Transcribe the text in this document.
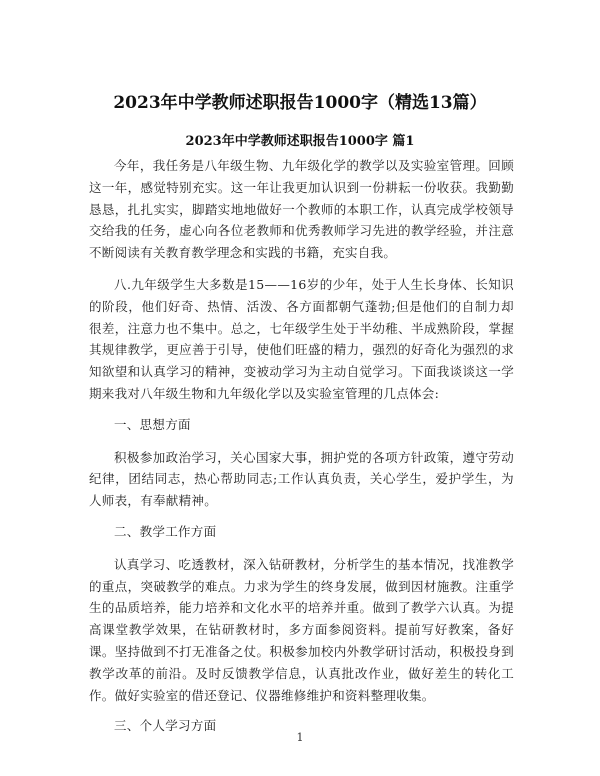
2023年中学教师述职报告1000字（精选13篇）
2023年中学教师述职报告1000字 篇1

今年，我任务是八年级生物、九年级化学的教学以及实验室管理。回顾这一年，感觉特别充实。这一年让我更加认识到一份耕耘一份收获。我勤勤恳恳，扎扎实实，脚踏实地地做好一个教师的本职工作，认真完成学校领导交给我的任务，虚心向各位老教师和优秀教师学习先进的教学经验，并注意不断阅读有关教育教学理念和实践的书籍，充实自我。

八.九年级学生大多数是15——16岁的少年，处于人生长身体、长知识的阶段，他们好奇、热情、活泼、各方面都朝气蓬勃;但是他们的自制力却很差，注意力也不集中。总之，七年级学生处于半幼稚、半成熟阶段，掌握其规律教学，更应善于引导，使他们旺盛的精力，强烈的好奇化为强烈的求知欲望和认真学习的精神，变被动学习为主动自觉学习。下面我谈谈这一学期来我对八年级生物和九年级化学以及实验室管理的几点体会:

一、思想方面

积极参加政治学习，关心国家大事，拥护党的各项方针政策，遵守劳动纪律，团结同志，热心帮助同志;工作认真负责，关心学生，爱护学生，为人师表，有奉献精神。

二、教学工作方面

认真学习、吃透教材，深入钻研教材，分析学生的基本情况，找准教学的重点，突破教学的难点。力求为学生的终身发展，做到因材施教。注重学生的品质培养，能力培养和文化水平的培养并重。做到了教学六认真。为提高课堂教学效果，在钻研教材时，多方面参阅资料。提前写好教案，备好课。坚持做到不打无准备之仗。积极参加校内外教学研讨活动，积极投身到教学改革的前沿。及时反馈教学信息，认真批改作业，做好差生的转化工作。做好实验室的借还登记、仪器维修维护和资料整理收集。

三、个人学习方面

1
